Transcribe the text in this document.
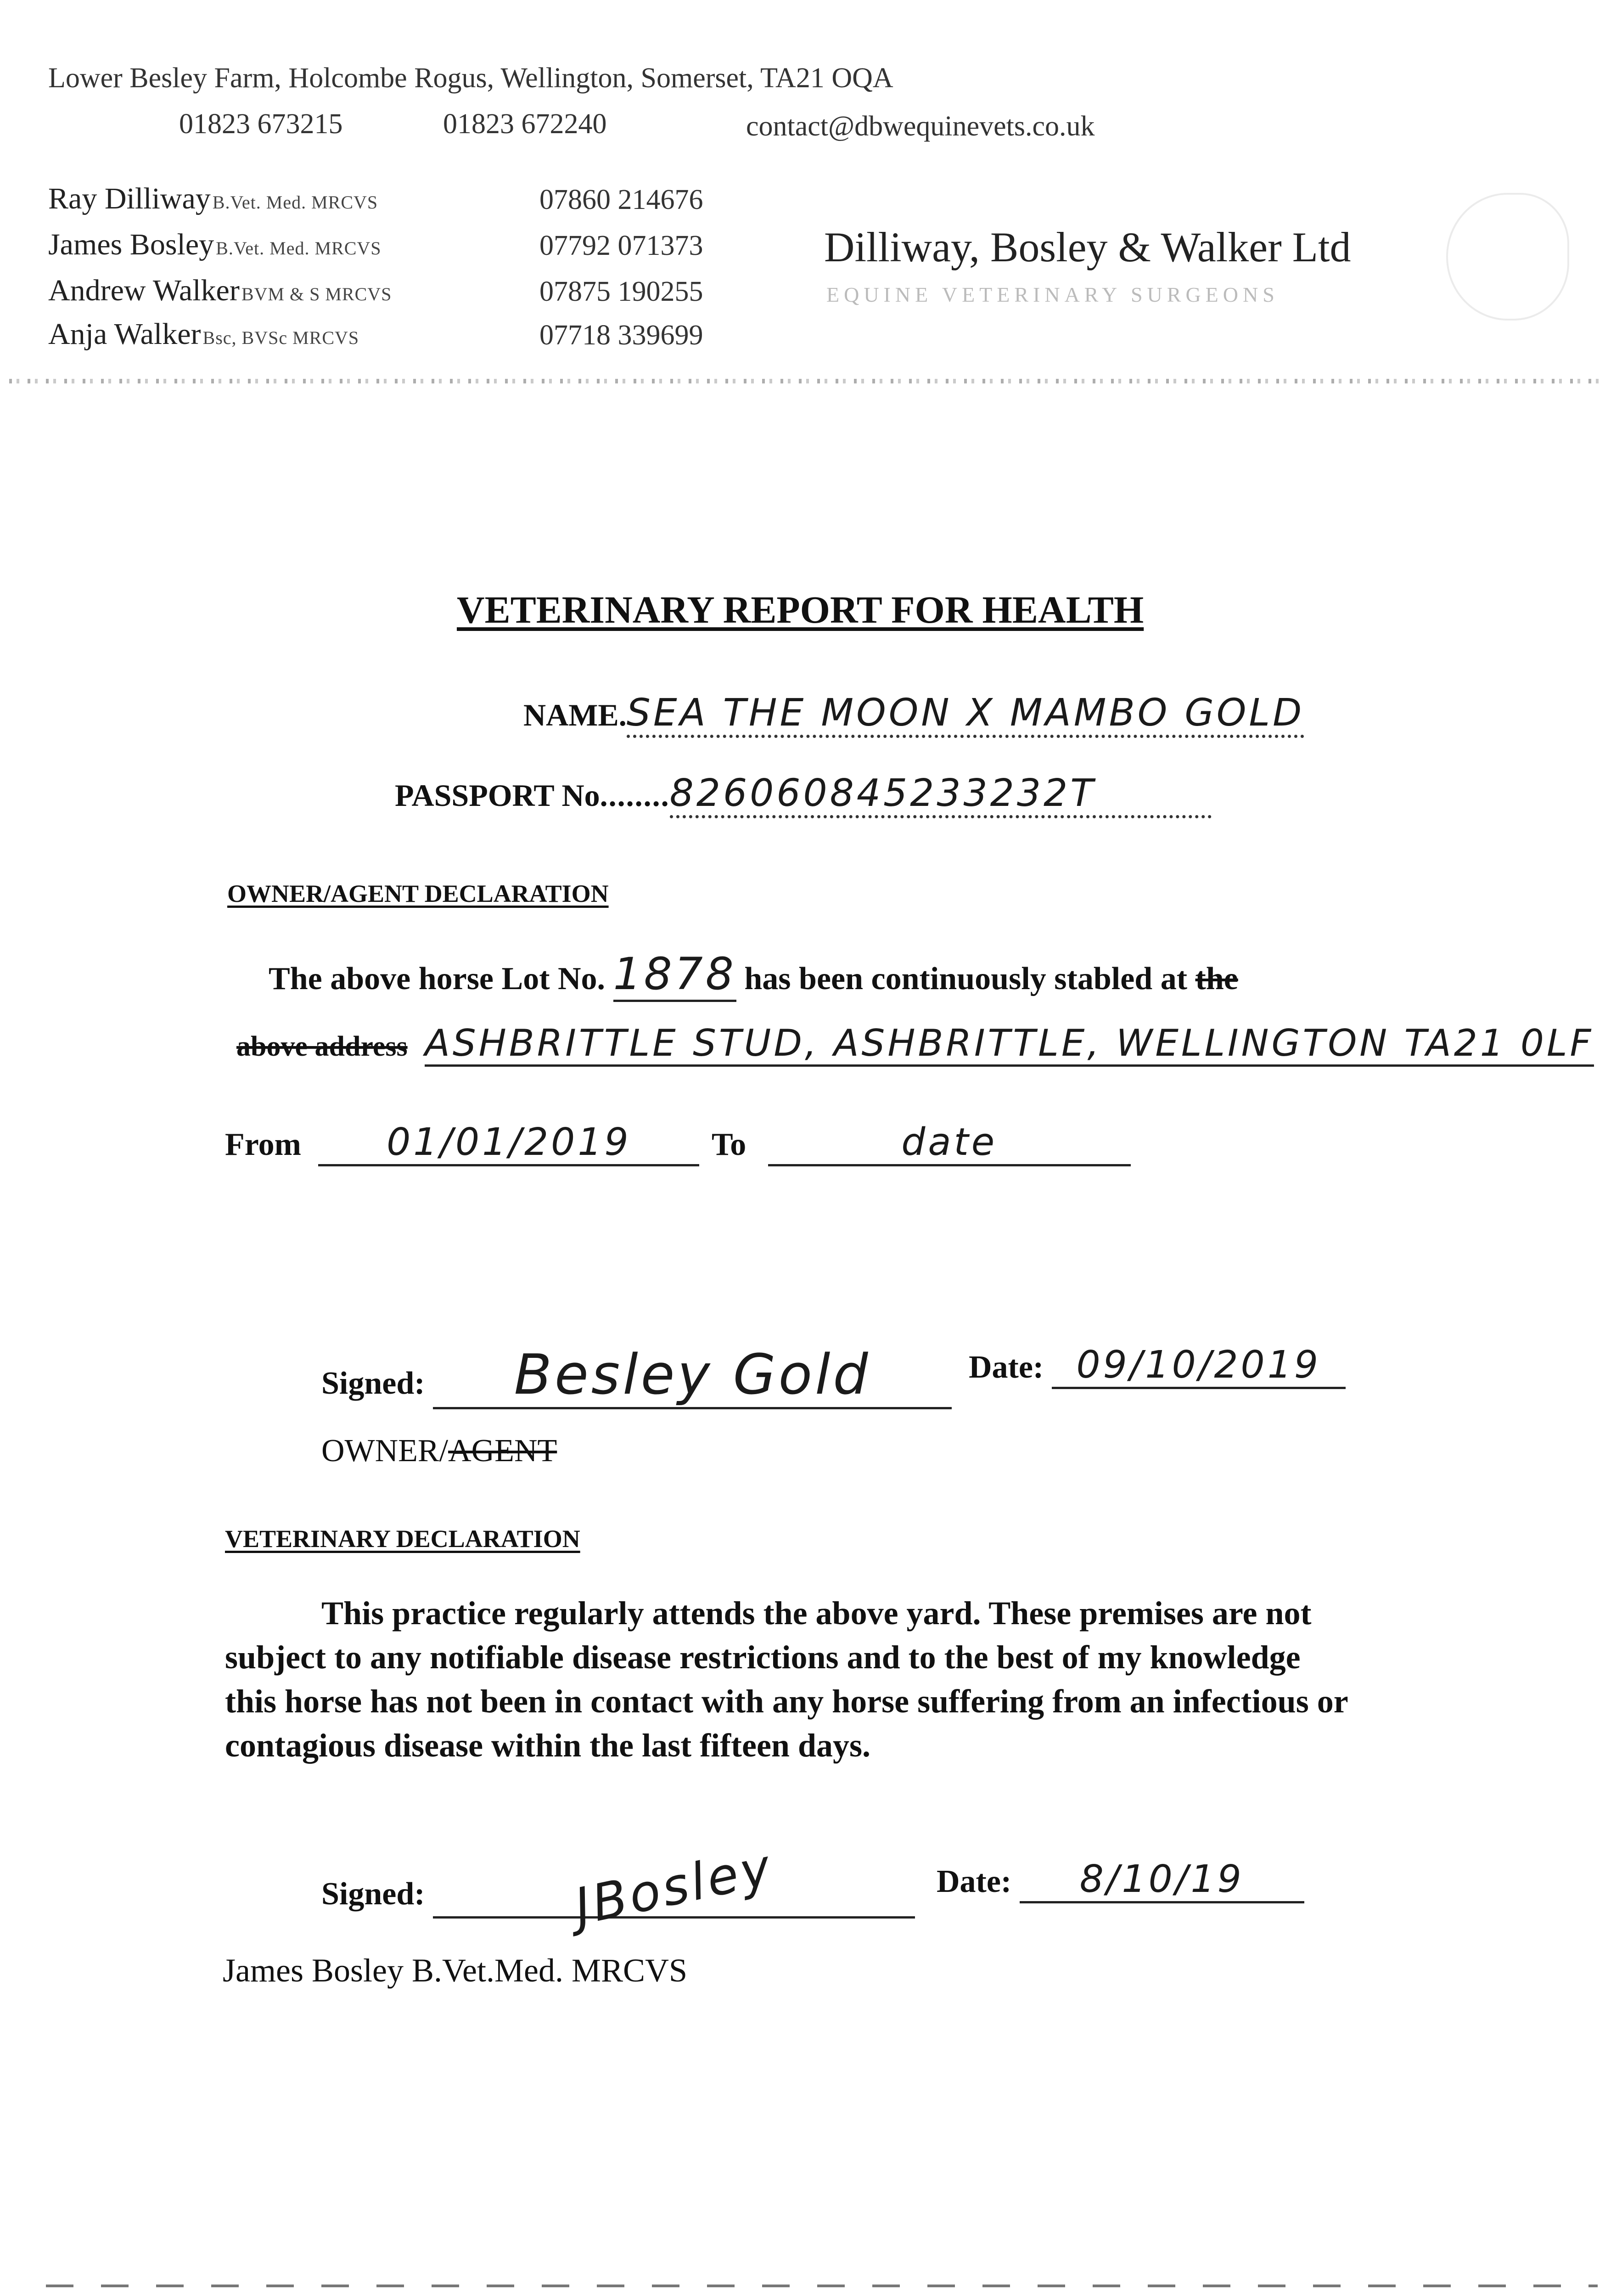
Lower Besley Farm, Holcombe Rogus, Wellington, Somerset, TA21 OQA
01823 673215	01823 672240	contact@dbwequinevets.co.uk
Ray Dilliway B.Vet. Med. MRCVS	07860 214676
James Bosley B.Vet. Med. MRCVS	07792 071373
Andrew Walker BVM & S MRCVS	07875 190255
Anja Walker Bsc, BVSc MRCVS	07718 339699
Dilliway, Bosley & Walker Ltd
EQUINE VETERINARY SURGEONS
VETERINARY REPORT FOR HEALTH
NAME.SEA THE MOON X MAMBO GOLD
PASSPORT No........826060845233232T
OWNER/AGENT DECLARATION
The above horse Lot No. 1878 has been continuously stabled at the
above address ASHBRITTLE STUD, ASHBRITTLE, WELLINGTON TA21 0LF
From 01/01/2019	To	date
Signed: Besley Gold	Date: 09/10/2019
OWNER/AGENT
VETERINARY DECLARATION
This practice regularly attends the above yard. These premises are not subject to any notifiable disease restrictions and to the best of my knowledge this horse has not been in contact with any horse suffering from an infectious or contagious disease within the last fifteen days.
Signed:	JBosley	Date: 8/10/19
James Bosley B.Vet.Med. MRCVS
